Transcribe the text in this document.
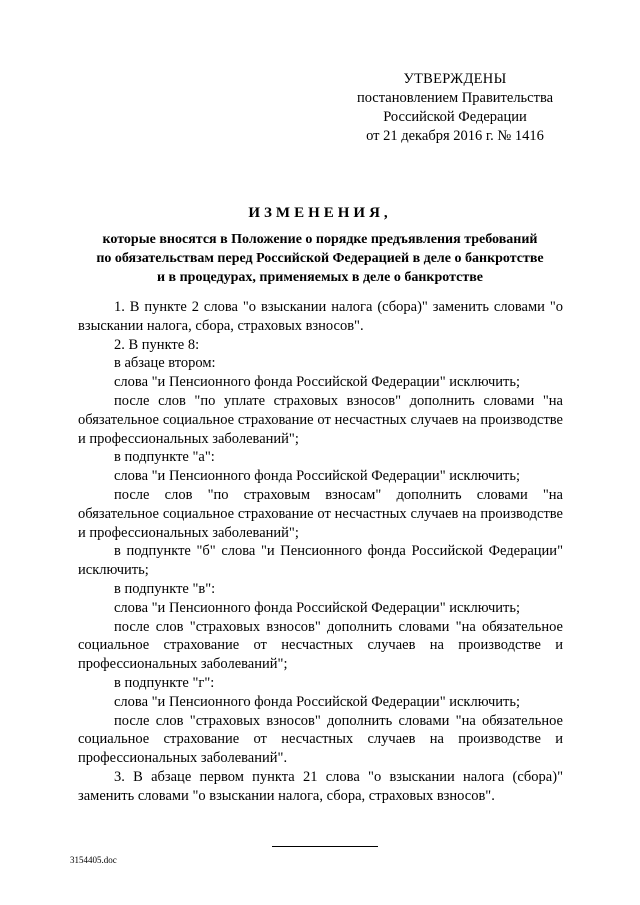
УТВЕРЖДЕНЫ
постановлением Правительства
Российской Федерации
от 21 декабря 2016 г. № 1416
ИЗМЕНЕНИЯ,
которые вносятся в Положение о порядке предъявления требований
по обязательствам перед Российской Федерацией в деле о банкротстве
и в процедурах, применяемых в деле о банкротстве

1. В пункте 2 слова "о взыскании налога (сбора)" заменить словами "о взыскании налога, сбора, страховых взносов".

2. В пункте 8:

в абзаце втором:

слова "и Пенсионного фонда Российской Федерации" исключить;

после слов "по уплате страховых взносов" дополнить словами "на обязательное социальное страхование от несчастных случаев на производстве и профессиональных заболеваний";

в подпункте "а":

слова "и Пенсионного фонда Российской Федерации" исключить;

после слов "по страховым взносам" дополнить словами "на обязательное социальное страхование от несчастных случаев на производстве и профессиональных заболеваний";

в подпункте "б" слова "и Пенсионного фонда Российской Федерации" исключить;

в подпункте "в":

слова "и Пенсионного фонда Российской Федерации" исключить;

после слов "страховых взносов" дополнить словами "на обязательное социальное страхование от несчастных случаев на производстве и профессиональных заболеваний";

в подпункте "г":

слова "и Пенсионного фонда Российской Федерации" исключить;

после слов "страховых взносов" дополнить словами "на обязательное социальное страхование от несчастных случаев на производстве и профессиональных заболеваний".

3. В абзаце первом пункта 21 слова "о взыскании налога (сбора)" заменить словами "о взыскании налога, сбора, страховых взносов".

3154405.doc
